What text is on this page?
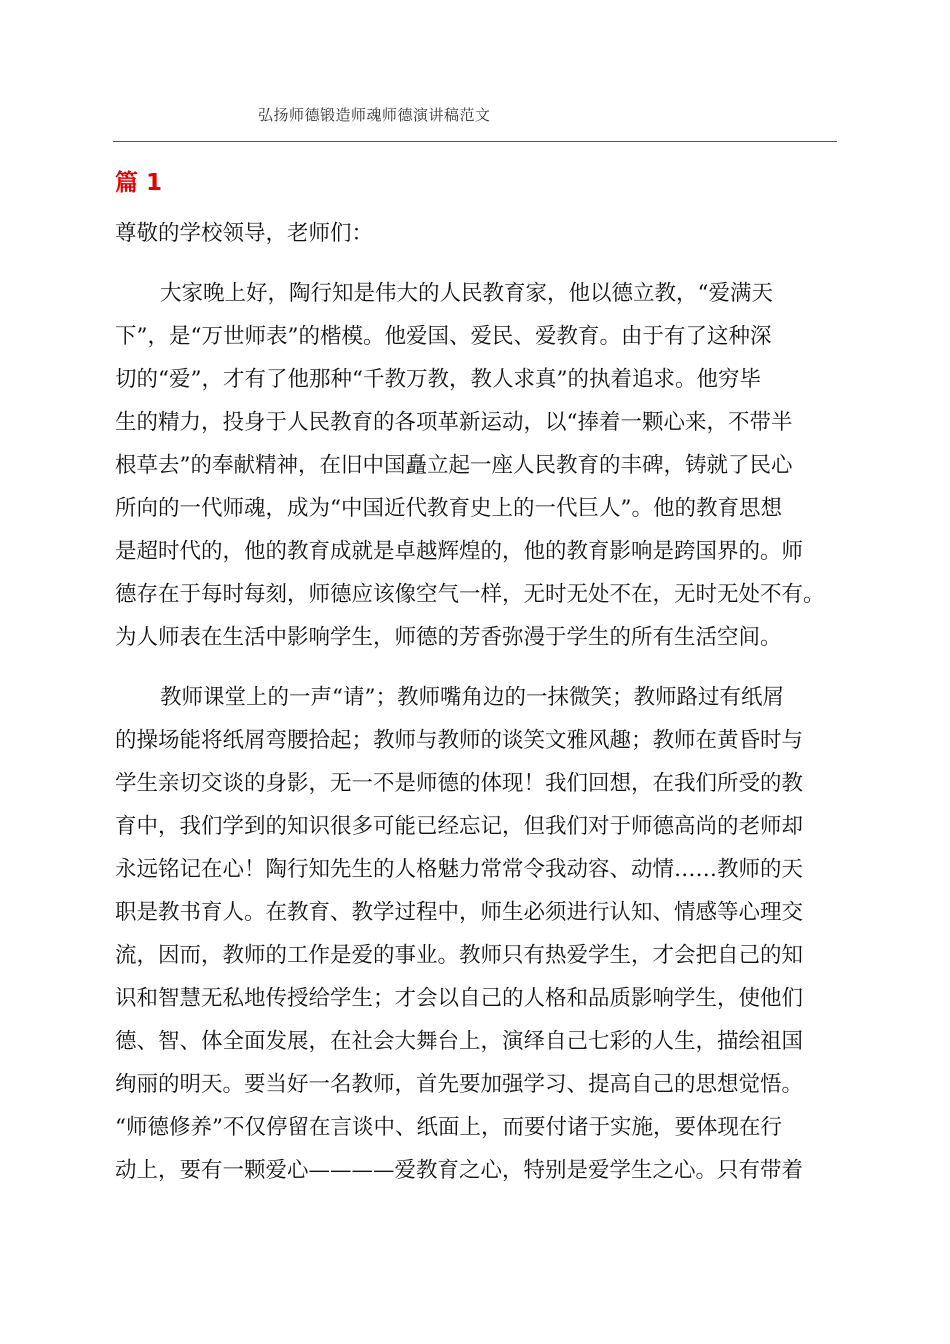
弘扬师德锻造师魂师德演讲稿范文
篇 1
尊敬的学校领导，老师们：
大家晚上好，陶行知是伟大的人民教育家，他以德立教，“爱满天
下”，是“万世师表”的楷模。他爱国、爱民、爱教育。由于有了这种深
切的“爱”，才有了他那种“千教万教，教人求真”的执着追求。他穷毕
生的精力，投身于人民教育的各项革新运动，以“捧着一颗心来，不带半
根草去”的奉献精神，在旧中国矗立起一座人民教育的丰碑，铸就了民心
所向的一代师魂，成为“中国近代教育史上的一代巨人”。他的教育思想
是超时代的，他的教育成就是卓越辉煌的，他的教育影响是跨国界的。师
德存在于每时每刻，师德应该像空气一样，无时无处不在，无时无处不有。
为人师表在生活中影响学生，师德的芳香弥漫于学生的所有生活空间。
教师课堂上的一声“请”；教师嘴角边的一抹微笑；教师路过有纸屑
的操场能将纸屑弯腰拾起；教师与教师的谈笑文雅风趣；教师在黄昏时与
学生亲切交谈的身影，无一不是师德的体现！我们回想，在我们所受的教
育中，我们学到的知识很多可能已经忘记，但我们对于师德高尚的老师却
永远铭记在心！陶行知先生的人格魅力常常令我动容、动情……教师的天
职是教书育人。在教育、教学过程中，师生必须进行认知、情感等心理交
流，因而，教师的工作是爱的事业。教师只有热爱学生，才会把自己的知
识和智慧无私地传授给学生；才会以自己的人格和品质影响学生，使他们
德、智、体全面发展，在社会大舞台上，演绎自己七彩的人生，描绘祖国
绚丽的明天。要当好一名教师，首先要加强学习、提高自己的思想觉悟。
“师德修养”不仅停留在言谈中、纸面上，而要付诸于实施，要体现在行
动上，要有一颗爱心————爱教育之心，特别是爱学生之心。只有带着
